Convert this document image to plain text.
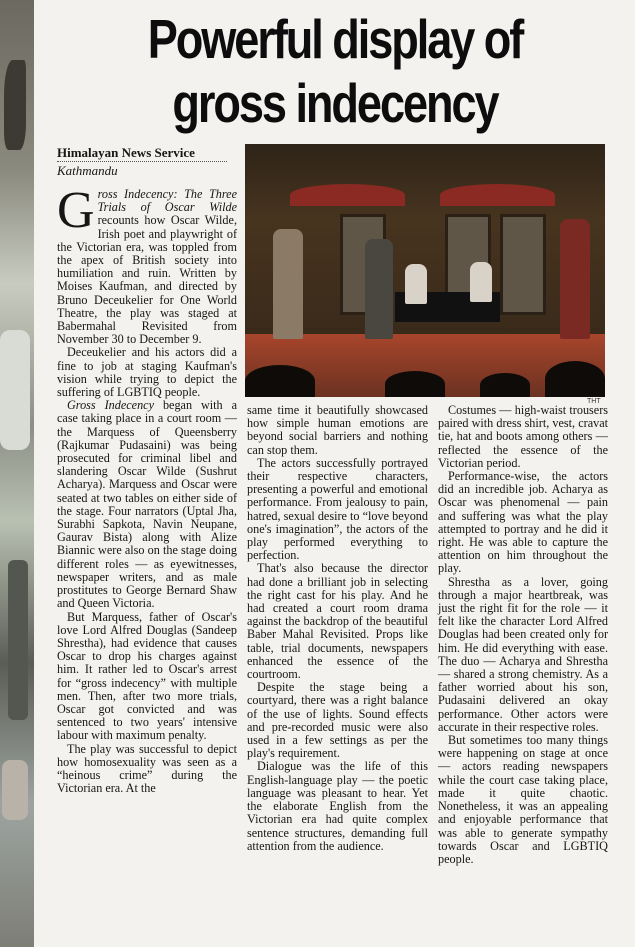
Powerful display of
gross indecency
Himalayan News Service
Kathmandu
THT

Gross Indecency: The Three Trials of Oscar Wilde recounts how Oscar Wilde, Irish poet and playwright of the Victorian era, was toppled from the apex of British society into humiliation and ruin. Written by Moises Kaufman, and directed by Bruno Deceukelier for One World Theatre, the play was staged at Babermahal Revisited from November 30 to December 9.

Deceukelier and his actors did a fine to job at staging Kaufman's vision while trying to depict the suffering of LGBTIQ people.

Gross Indecency began with a case taking place in a court room — the Marquess of Queensberry (Rajkumar Pudasaini) was being prosecuted for criminal libel and slandering Oscar Wilde (Sushrut Acharya). Marquess and Oscar were seated at two tables on either side of the stage. Four narrators (Uptal Jha, Surabhi Sapkota, Navin Neupane, Gaurav Bista) along with Alize Biannic were also on the stage doing different roles — as eyewitnesses, newspaper writers, and as male prostitutes to George Bernard Shaw and Queen Victoria.

But Marquess, father of Oscar's love Lord Alfred Douglas (Sandeep Shrestha), had evidence that causes Oscar to drop his charges against him. It rather led to Oscar's arrest for “gross indecency” with multiple men. Then, after two more trials, Oscar got convicted and was sentenced to two years' intensive labour with maximum penalty.

The play was successful to depict how homosexuality was seen as a “heinous crime” during the Victorian era. At the

same time it beautifully showcased how simple human emotions are beyond social barriers and nothing can stop them.

The actors successfully portrayed their respective characters, presenting a powerful and emotional performance. From jealousy to pain, hatred, sexual desire to “love beyond one's imagination”, the actors of the play performed everything to perfection.

That's also because the director had done a brilliant job in selecting the right cast for his play. And he had created a court room drama against the backdrop of the beautiful Baber Mahal Revisited. Props like table, trial documents, newspapers enhanced the essence of the courtroom.

Despite the stage being a courtyard, there was a right balance of the use of lights. Sound effects and pre-recorded music were also used in a few settings as per the play's requirement.

Dialogue was the life of this English-language play — the poetic language was pleasant to hear. Yet the elaborate English from the Victorian era had quite complex sentence structures, demanding full attention from the audience.

Costumes — high-waist trousers paired with dress shirt, vest, cravat tie, hat and boots among others — reflected the essence of the Victorian period.

Performance-wise, the actors did an incredible job. Acharya as Oscar was phenomenal — pain and suffering was what the play attempted to portray and he did it right. He was able to capture the attention on him throughout the play.

Shrestha as a lover, going through a major heartbreak, was just the right fit for the role — it felt like the character Lord Alfred Douglas had been created only for him. He did everything with ease. The duo — Acharya and Shrestha — shared a strong chemistry. As a father worried about his son, Pudasaini delivered an okay performance. Other actors were accurate in their respective roles.

But sometimes too many things were happening on stage at once — actors reading newspapers while the court case taking place, made it quite chaotic. Nonetheless, it was an appealing and enjoyable performance that was able to generate sympathy towards Oscar and LGBTIQ people.
